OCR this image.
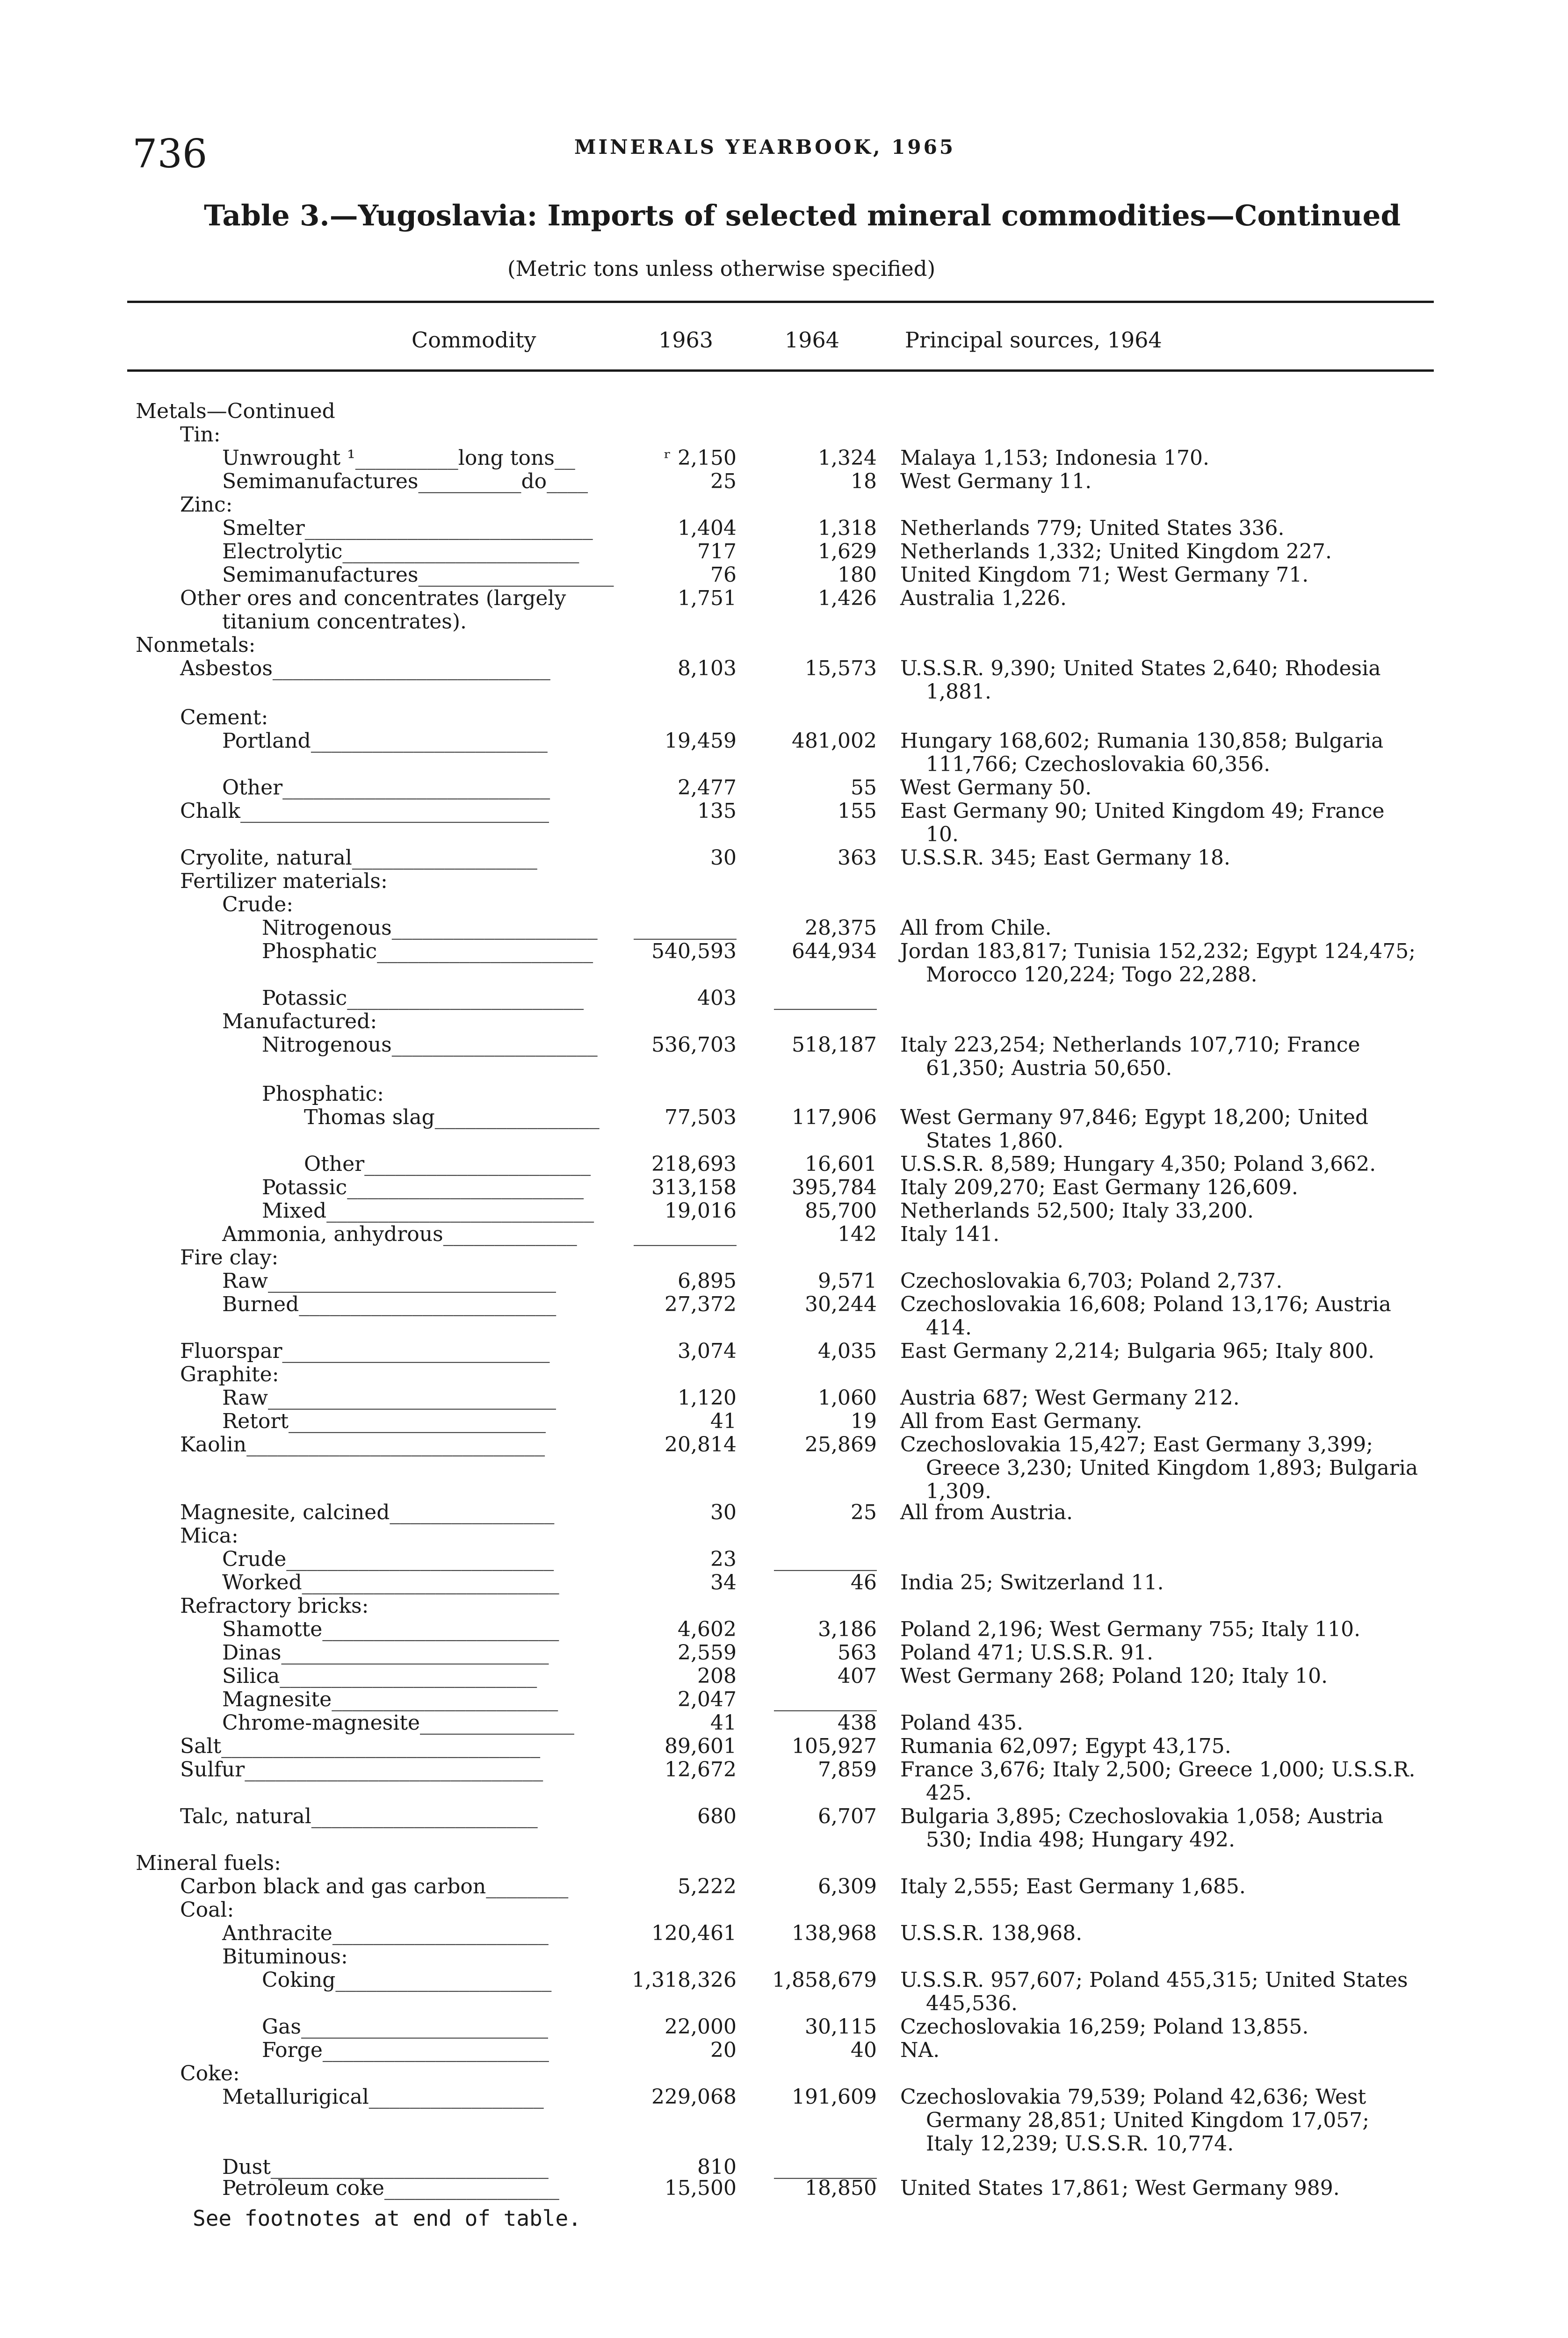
736	MINERALS YEARBOOK, 1965
Table 3.—Yugoslavia: Imports of selected mineral commodities—Continued
(Metric tons unless otherwise specified)
Commodity	1963	1964	Principal sources, 1964
Metals—Continued
Tin:
Unwrought ¹__________long tons__	ʳ 2,150	1,324 Malaya 1,153; Indonesia 170.
Semimanufactures__________do____	25	18 West Germany 11.
Zinc:
Smelter____________________________	1,404	1,318 Netherlands 779; United States 336.
Electrolytic_______________________	717	1,629 Netherlands 1,332; United Kingdom 227.
Semimanufactures___________________	76	180 United Kingdom 71; West Germany 71.
Other ores and concentrates (largely	1,751	1,426 Australia 1,226.
titanium concentrates).
Nonmetals:
Asbestos___________________________	8,103	15,573 U.S.S.R. 9,390; United States 2,640; Rhodesia
1,881.
Cement:
Portland_______________________	19,459	481,002 Hungary 168,602; Rumania 130,858; Bulgaria
111,766; Czechoslovakia 60,356.
Other__________________________	2,477	55 West Germany 50.
Chalk______________________________	135	155 East Germany 90; United Kingdom 49; France
10.
Cryolite, natural__________________	30	363 U.S.S.R. 345; East Germany 18.
Fertilizer materials:
Crude:
Nitrogenous____________________	__________	28,375 All from Chile.
Phosphatic_____________________	540,593	644,934 Jordan 183,817; Tunisia 152,232; Egypt 124,475;
Morocco 120,224; Togo 22,288.
Potassic_______________________	403	__________
Manufactured:
Nitrogenous____________________	536,703	518,187 Italy 223,254; Netherlands 107,710; France
61,350; Austria 50,650.
Phosphatic:
Thomas slag________________	77,503	117,906 West Germany 97,846; Egypt 18,200; United
States 1,860.
Other______________________	218,693	16,601 U.S.S.R. 8,589; Hungary 4,350; Poland 3,662.
Potassic_______________________	313,158	395,784 Italy 209,270; East Germany 126,609.
Mixed__________________________	19,016	85,700 Netherlands 52,500; Italy 33,200.
Ammonia, anhydrous_____________	__________	142 Italy 141.
Fire clay:
Raw____________________________	6,895	9,571 Czechoslovakia 6,703; Poland 2,737.
Burned_________________________	27,372	30,244 Czechoslovakia 16,608; Poland 13,176; Austria
414.
Fluorspar__________________________	3,074	4,035 East Germany 2,214; Bulgaria 965; Italy 800.
Graphite:
Raw____________________________	1,120	1,060 Austria 687; West Germany 212.
Retort_________________________	41	19 All from East Germany.
Kaolin_____________________________	20,814	25,869 Czechoslovakia 15,427; East Germany 3,399;
Greece 3,230; United Kingdom 1,893; Bulgaria
1,309.
Magnesite, calcined________________	30	25 All from Austria.
Mica:
Crude__________________________	23	__________
Worked_________________________	34	46 India 25; Switzerland 11.
Refractory bricks:
Shamotte_______________________	4,602	3,186 Poland 2,196; West Germany 755; Italy 110.
Dinas__________________________	2,559	563 Poland 471; U.S.S.R. 91.
Silica_________________________	208	407 West Germany 268; Poland 120; Italy 10.
Magnesite______________________	2,047	__________
Chrome-magnesite_______________	41	438 Poland 435.
Salt_______________________________	89,601	105,927 Rumania 62,097; Egypt 43,175.
Sulfur_____________________________	12,672	7,859 France 3,676; Italy 2,500; Greece 1,000; U.S.S.R.
425.
Talc, natural______________________	680	6,707 Bulgaria 3,895; Czechoslovakia 1,058; Austria
530; India 498; Hungary 492.
Mineral fuels:
Carbon black and gas carbon________	5,222	6,309 Italy 2,555; East Germany 1,685.
Coal:
Anthracite_____________________	120,461	138,968 U.S.S.R. 138,968.
Bituminous:
Coking_____________________	1,318,326	1,858,679 U.S.S.R. 957,607; Poland 455,315; United States
445,536.
Gas________________________	22,000	30,115 Czechoslovakia 16,259; Poland 13,855.
Forge______________________	20	40 NA.
Coke:
Metallurigical_________________	229,068	191,609 Czechoslovakia 79,539; Poland 42,636; West
Germany 28,851; United Kingdom 17,057;
Italy 12,239; U.S.S.R. 10,774.
Dust___________________________	810	__________
Petroleum coke_________________	15,500	18,850 United States 17,861; West Germany 989.
See footnotes at end of table.
